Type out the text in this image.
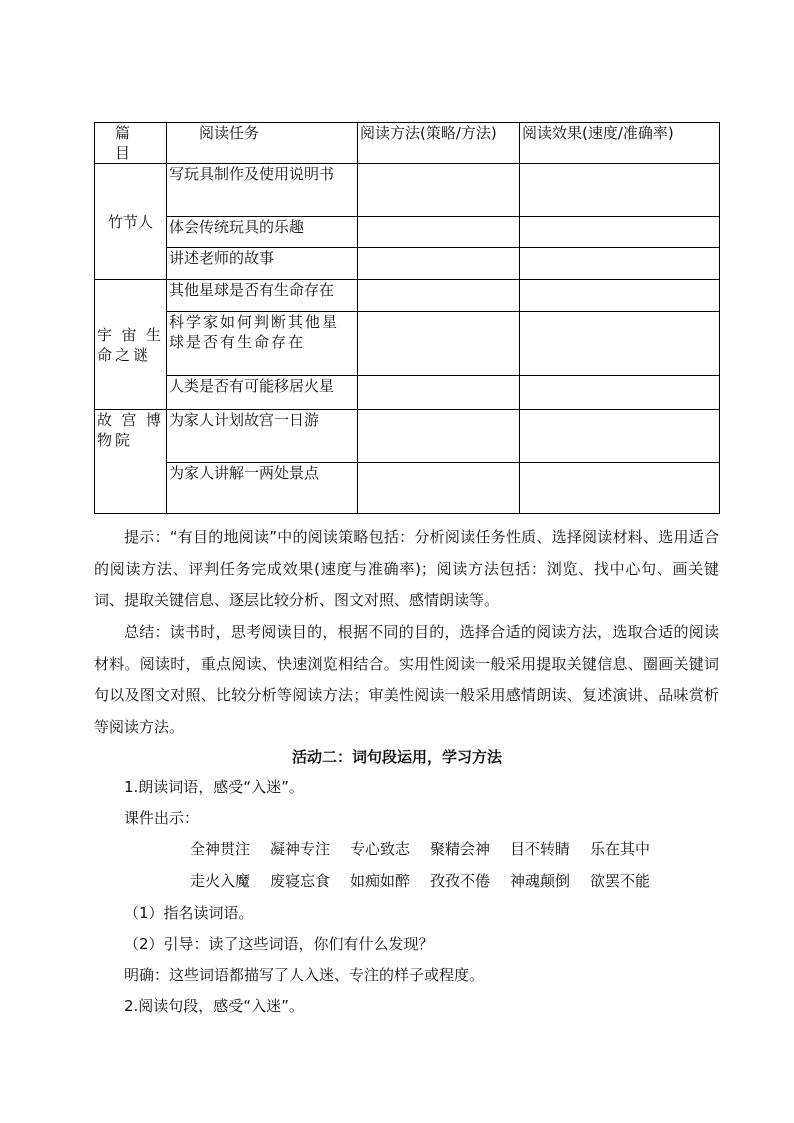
篇　目	阅读任务	阅读方法(策略/方法)	阅读效果(速度/准确率)
竹节人	写玩具制作及使用说明书		
	体会传统玩具的乐趣		
	讲述老师的故事		
宇宙生命之谜	其他星球是否有生命存在		
	科学家如何判断其他星球是否有生命存在		
	人类是否有可能移居火星		
故宫博物院	为家人计划故宫一日游		
	为家人讲解一两处景点		

提示：“有目的地阅读”中的阅读策略包括：分析阅读任务性质、选择阅读材料、选用适合的阅读方法、评判任务完成效果(速度与准确率)；阅读方法包括：浏览、找中心句、画关键词、提取关键信息、逐层比较分析、图文对照、感情朗读等。

总结：读书时，思考阅读目的，根据不同的目的，选择合适的阅读方法，选取合适的阅读材料。阅读时，重点阅读、快速浏览相结合。实用性阅读一般采用提取关键信息、圈画关键词句以及图文对照、比较分析等阅读方法；审美性阅读一般采用感情朗读、复述演讲、品味赏析等阅读方法。

活动二：词句段运用，学习方法

1.朗读词语，感受“入迷”。

课件出示：

全神贯注	凝神专注	专心致志	聚精会神	目不转睛	乐在其中
走火入魔	废寝忘食	如痴如醉	孜孜不倦	神魂颠倒	欲罢不能

（1）指名读词语。

（2）引导：读了这些词语，你们有什么发现？

明确：这些词语都描写了人入迷、专注的样子或程度。

2.阅读句段，感受“入迷”。
